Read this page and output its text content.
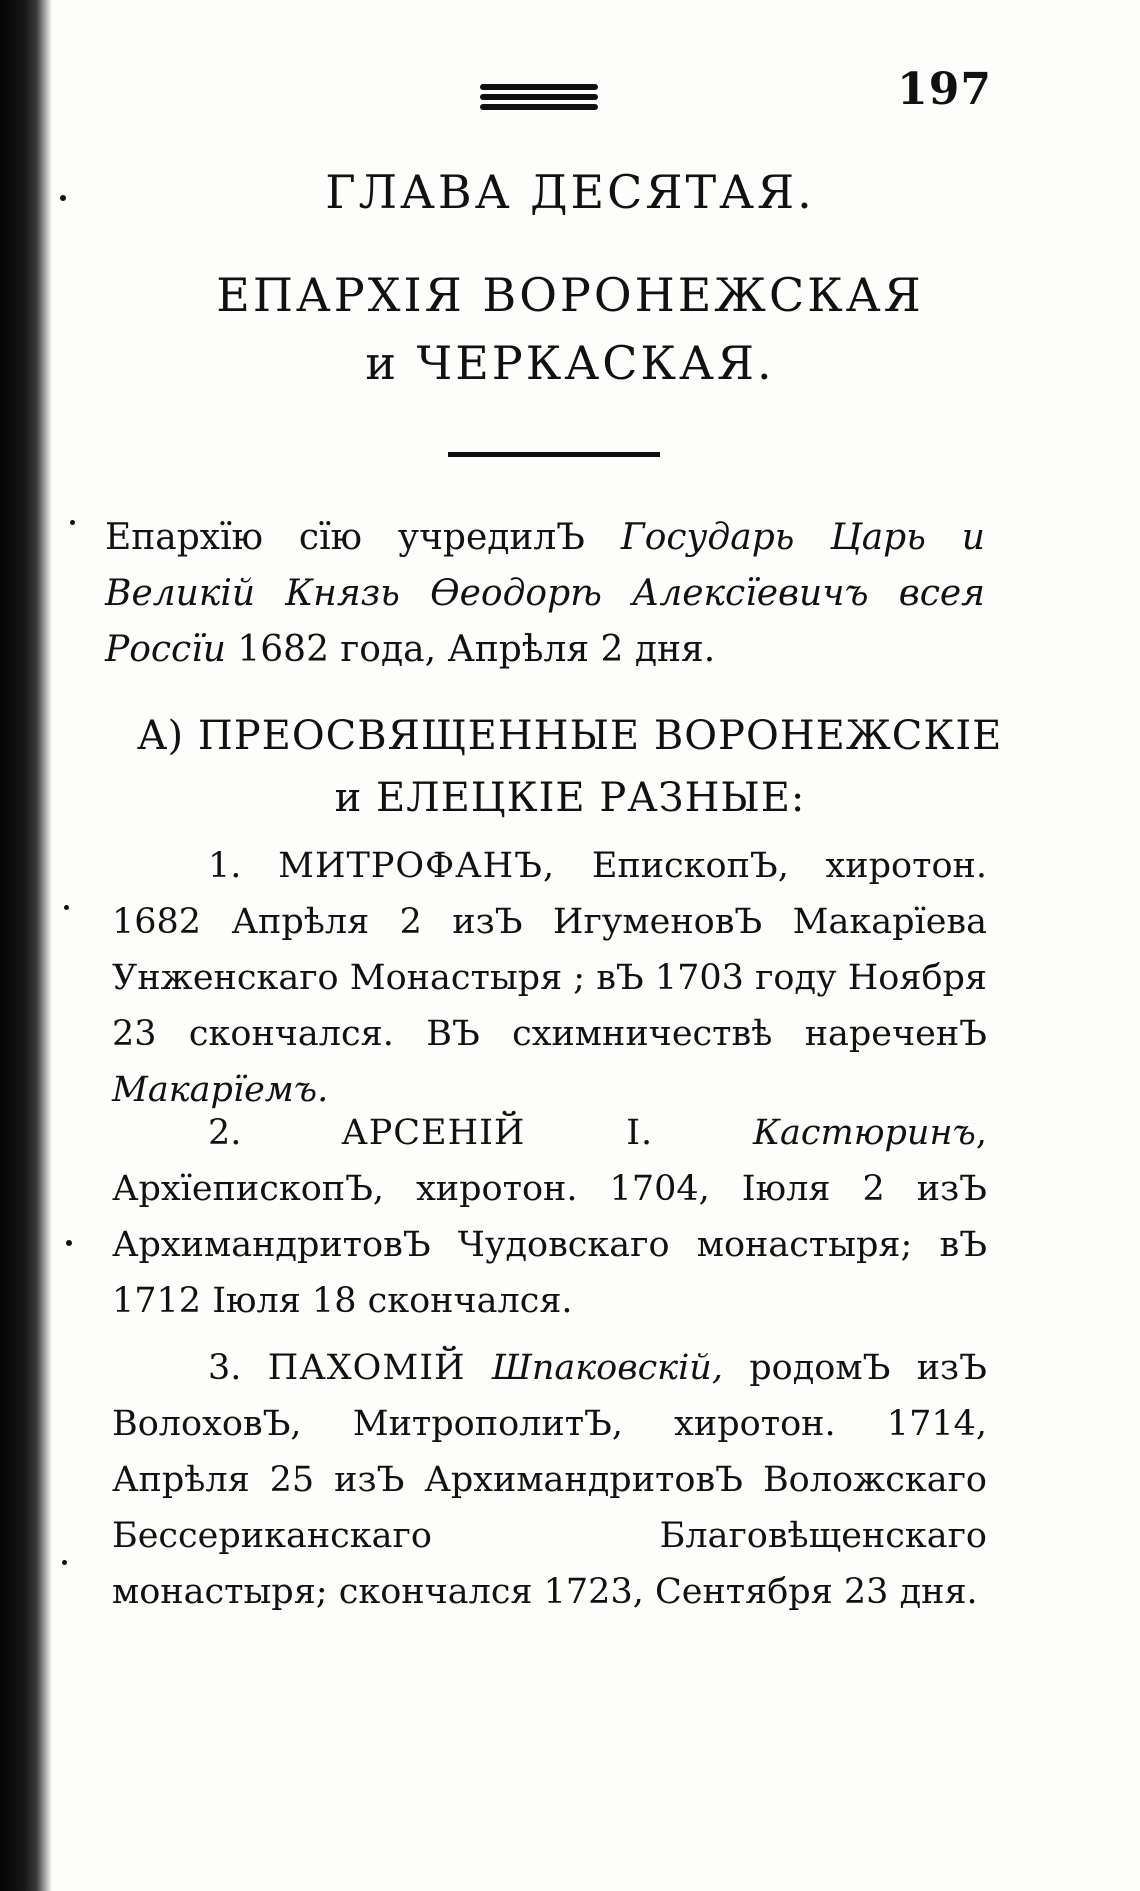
197
ГЛАВА ДЕСЯТАЯ.
ЕПАРХІЯ ВОРОНЕЖСКАЯ
и ЧЕРКАСКАЯ.
Епархїю сїю учредилЪ Государь Царь и Великій Князь Өеодорѣ Алексїевичъ всея Россїи 1682 года, Апрѣля 2 дня.
A) ПРЕОСВЯЩЕННЫЕ ВОРОНЕЖСКІЕ
и ЕЛЕЦКІЕ РАЗНЫЕ:
1. МИТРОФАНЪ, ЕпископЪ, хиротон. 1682 Апрѣля 2 изЪ ИгуменовЪ Макарїева Унженскаго Монастыря ; вЪ 1703 году Ноября 23 скончался. ВЪ схимничествѣ нареченЪ Макарїемъ.
2.	АРСЕНІЙ I.	Кастюринъ, АрхїепископЪ, хиротон. 1704, Іюля 2 изЪ АрхимандритовЪ Чудовскаго монастыря; вЪ 1712 Іюля 18 скончался.
3. ПАХОМІЙ Шпаковскій, родомЪ изЪ ВолоховЪ, МитрополитЪ, хиротон. 1714, Апрѣля 25 изЪ АрхимандритовЪ Воложскаго Бессериканскаго Благовѣщенскаго монастыря; скончался 1723, Сентября 23 дня.
